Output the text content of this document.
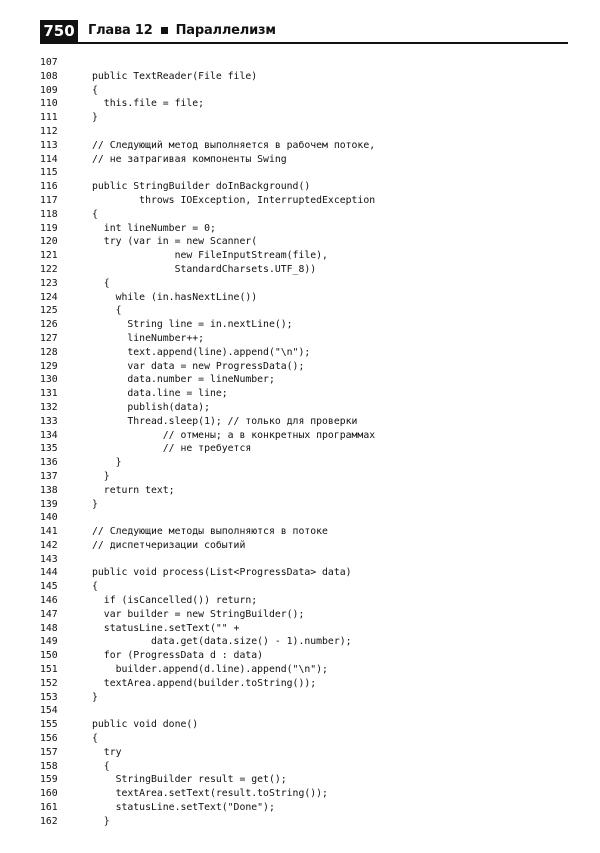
750 Глава 12 Параллелизм
107
108	public TextReader(File file)
109	{
110	this.file = file;
111	}
112
113	// Следующий метод выполняется в рабочем потоке,
114	// не затрагивая компоненты Swing
115
116	public StringBuilder doInBackground()
117	throws IOException, InterruptedException
118	{
119	int lineNumber = 0;
120	try (var in = new Scanner(
121	new FileInputStream(file),
122	StandardCharsets.UTF_8))
123	{
124	while (in.hasNextLine())
125	{
126	String line = in.nextLine();
127	lineNumber++;
128	text.append(line).append("\n");
129	var data = new ProgressData();
130	data.number = lineNumber;
131	data.line = line;
132	publish(data);
133	Thread.sleep(1); // только для проверки
134	// отмены; а в конкретных программах
135	// не требуется
136	}
137	}
138	return text;
139	}
140
141	// Следующие методы выполняются в потоке
142	// диспетчеризации событий
143
144	public void process(List<ProgressData> data)
145	{
146	if (isCancelled()) return;
147	var builder = new StringBuilder();
148	statusLine.setText("" +
149	data.get(data.size() - 1).number);
150	for (ProgressData d : data)
151	builder.append(d.line).append("\n");
152	textArea.append(builder.toString());
153	}
154
155	public void done()
156	{
157	try
158	{
159	StringBuilder result = get();
160	textArea.setText(result.toString());
161	statusLine.setText("Done");
162	}
